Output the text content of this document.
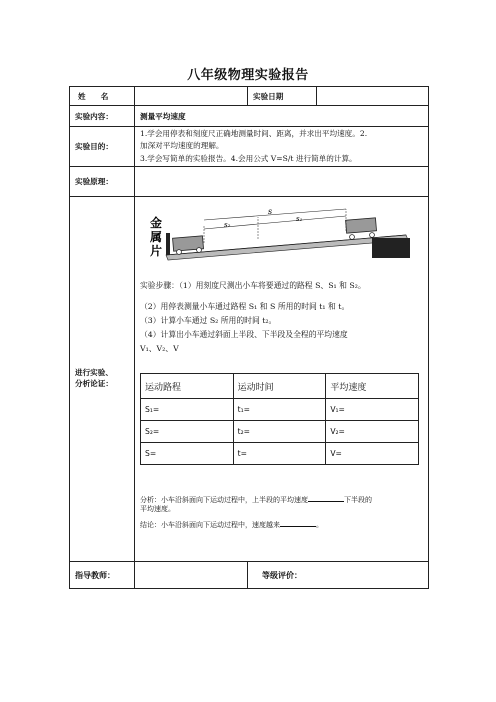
八年级物理实验报告
姓　　名	实验日期
实验内容：	测量平均速度
实验目的：
1.学会用停表和刻度尺正确地测量时间、距离，并求出平均速度。2.
加深对平均速度的理解。
3.学会写简单的实验报告。4.会用公式 V=S/t 进行简单的计算。
实验原理：
进行实验、
分析论证：
金
属
片
s
s₁
s₂
实验步骤：（1）用刻度尺测出小车将要通过的路程 S、S₁ 和 S₂。
（2）用停表测量小车通过路程 S₁ 和 S 所用的时间 t₁ 和 t。
（3）计算小车通过 S₂ 所用的时间 t₂。
（4）计算出小车通过斜面上半段、下半段及全程的平均速度
V₁、V₂、V
运动路程	运动时间	平均速度
S₁=	t₁=	V₁=
S₂=	t₂=	V₂=
S=	t=	V=
分析：小车沿斜面向下运动过程中，上半段的平均速度	下半段的
平均速度。
结论：小车沿斜面向下运动过程中，速度越来	。
指导教师：	等级评价：
